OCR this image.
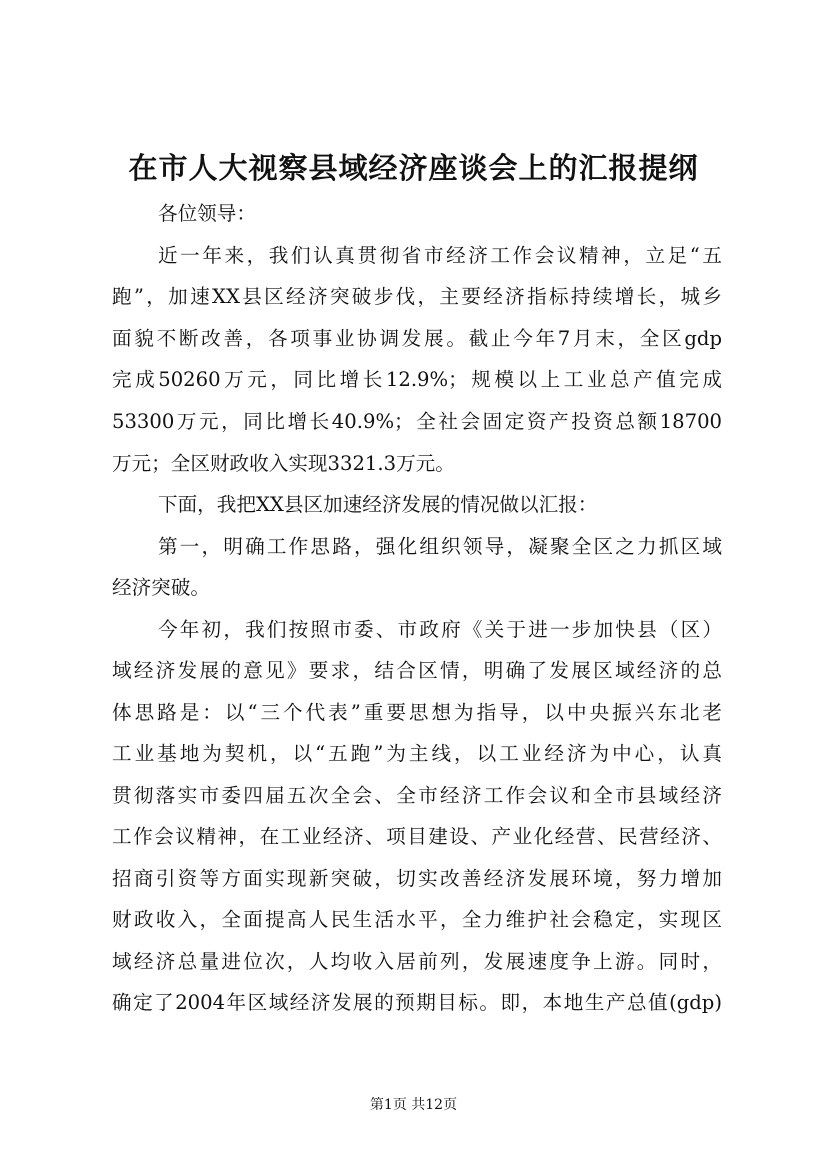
在市人大视察县域经济座谈会上的汇报提纲
各位领导：
近一年来，我们认真贯彻省市经济工作会议精神，立足“五
跑”，加速XX县区经济突破步伐，主要经济指标持续增长，城乡
面貌不断改善，各项事业协调发展。截止今年7月末，全区gdp
完成50260万元，同比增长12.9%；规模以上工业总产值完成
53300万元，同比增长40.9%；全社会固定资产投资总额18700
万元；全区财政收入实现3321.3万元。
下面，我把XX县区加速经济发展的情况做以汇报：
第一，明确工作思路，强化组织领导，凝聚全区之力抓区域
经济突破。
今年初，我们按照市委、市政府《关于进一步加快县（区）
域经济发展的意见》要求，结合区情，明确了发展区域经济的总
体思路是：以“三个代表”重要思想为指导，以中央振兴东北老
工业基地为契机，以“五跑”为主线，以工业经济为中心，认真
贯彻落实市委四届五次全会、全市经济工作会议和全市县域经济
工作会议精神，在工业经济、项目建设、产业化经营、民营经济、
招商引资等方面实现新突破，切实改善经济发展环境，努力增加
财政收入，全面提高人民生活水平，全力维护社会稳定，实现区
域经济总量进位次，人均收入居前列，发展速度争上游。同时，
确定了2004年区域经济发展的预期目标。即，本地生产总值(gdp)
第1页 共12页
